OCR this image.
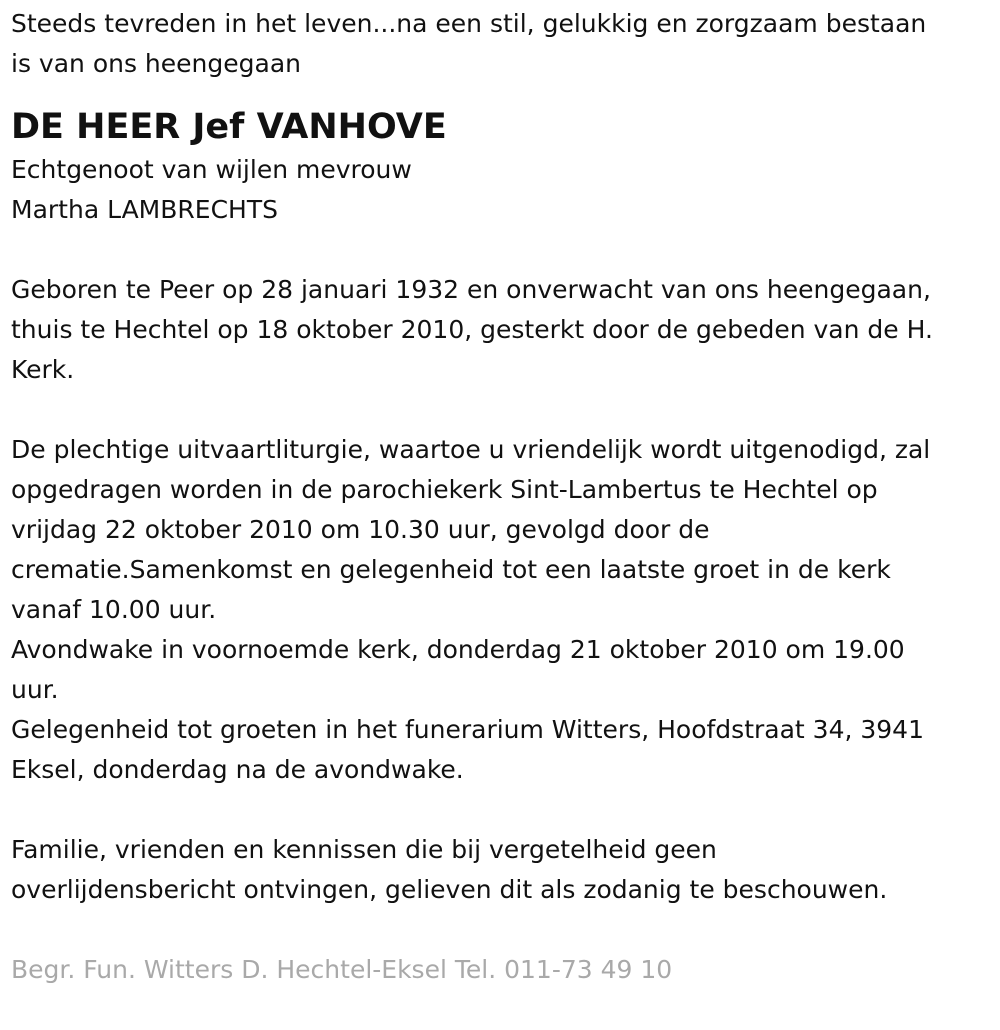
Steeds tevreden in het leven...na een stil, gelukkig en zorgzaam bestaan

is van ons heengegaan

DE HEER Jef VANHOVE

Echtgenoot van wijlen mevrouw

Martha LAMBRECHTS

Geboren te Peer op 28 januari 1932 en onverwacht van ons heengegaan,

thuis te Hechtel op 18 oktober 2010, gesterkt door de gebeden van de H.

Kerk.

De plechtige uitvaartliturgie, waartoe u vriendelijk wordt uitgenodigd, zal

opgedragen worden in de parochiekerk Sint-Lambertus te Hechtel op

vrijdag 22 oktober 2010 om 10.30 uur, gevolgd door de

crematie.Samenkomst en gelegenheid tot een laatste groet in de kerk

vanaf 10.00 uur.

Avondwake in voornoemde kerk, donderdag 21 oktober 2010 om 19.00

uur.

Gelegenheid tot groeten in het funerarium Witters, Hoofdstraat 34, 3941

Eksel, donderdag na de avondwake.

Familie, vrienden en kennissen die bij vergetelheid geen

overlijdensbericht ontvingen, gelieven dit als zodanig te beschouwen.

Begr. Fun. Witters D. Hechtel-Eksel Tel. 011-73 49 10
